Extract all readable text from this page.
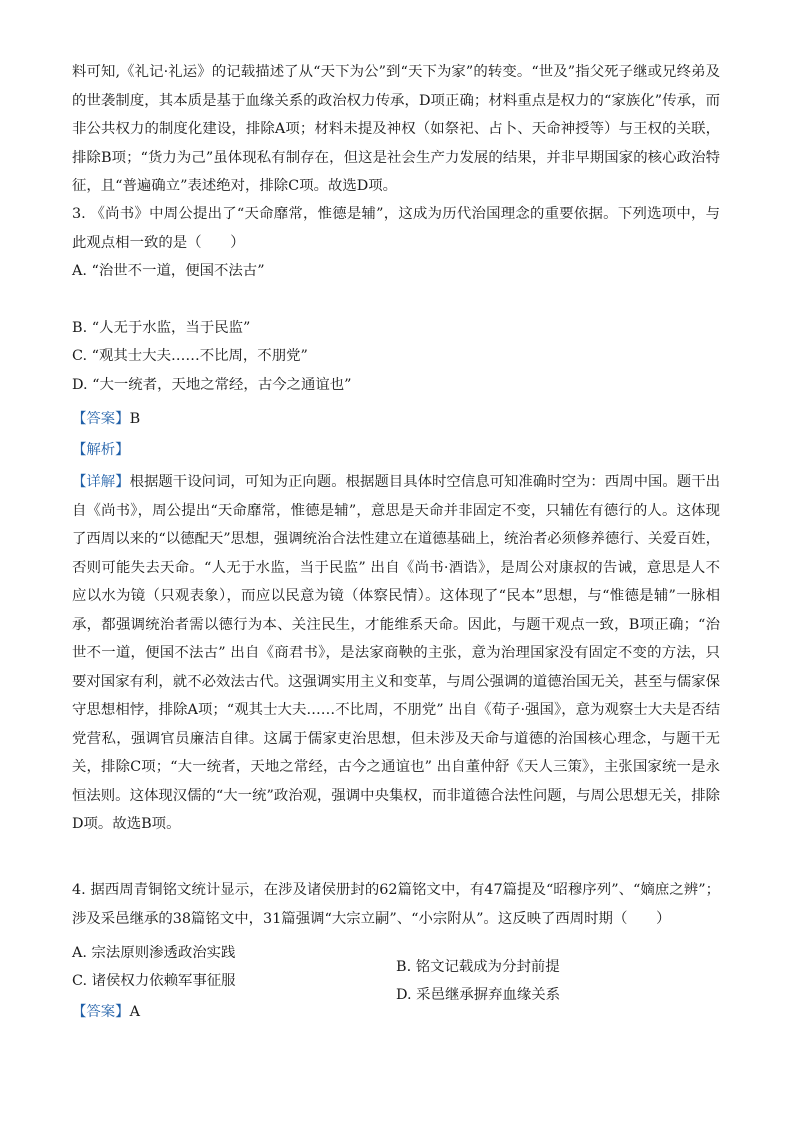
料可知,《礼记·礼运》的记载描述了从“天下为公”到“天下为家”的转变。“世及”指父死子继或兄终弟及的世袭制度，其本质是基于血缘关系的政治权力传承，D项正确；材料重点是权力的“家族化”传承，而非公共权力的制度化建设，排除A项；材料未提及神权（如祭祀、占卜、天命神授等）与王权的关联，排除B项；“货力为己”虽体现私有制存在，但这是社会生产力发展的结果，并非早期国家的核心政治特征，且“普遍确立”表述绝对，排除C项。故选D项。

3. 《尚书》中周公提出了“天命靡常，惟德是辅”，这成为历代治国理念的重要依据。下列选项中，与此观点相一致的是（　　）

A. “治世不一道，便国不法古”

B. “人无于水监，当于民监”

C. “观其士大夫……不比周，不朋党”

D. “大一统者，天地之常经，古今之通谊也”

【答案】B

【解析】

【详解】根据题干设问词，可知为正向题。根据题目具体时空信息可知准确时空为：西周中国。题干出自《尚书》，周公提出“天命靡常，惟德是辅”，意思是天命并非固定不变，只辅佐有德行的人。这体现了西周以来的“以德配天”思想，强调统治合法性建立在道德基础上，统治者必须修养德行、关爱百姓，否则可能失去天命。“人无于水监，当于民监” 出自《尚书·酒诰》，是周公对康叔的告诫，意思是人不应以水为镜（只观表象），而应以民意为镜（体察民情）。这体现了“民本”思想，与“惟德是辅”一脉相承，都强调统治者需以德行为本、关注民生，才能维系天命。因此，与题干观点一致，B项正确；“治世不一道，便国不法古” 出自《商君书》，是法家商鞅的主张，意为治理国家没有固定不变的方法，只要对国家有利，就不必效法古代。这强调实用主义和变革，与周公强调的道德治国无关，甚至与儒家保守思想相悖，排除A项；“观其士大夫……不比周，不朋党” 出自《荀子·强国》，意为观察士大夫是否结党营私，强调官员廉洁自律。这属于儒家吏治思想，但未涉及天命与道德的治国核心理念，与题干无关，排除C项；“大一统者，天地之常经，古今之通谊也” 出自董仲舒《天人三策》，主张国家统一是永恒法则。这体现汉儒的“大一统”政治观，强调中央集权，而非道德合法性问题，与周公思想无关，排除D项。故选B项。

4. 据西周青铜铭文统计显示，在涉及诸侯册封的62篇铭文中，有47篇提及“昭穆序列”、“嫡庶之辨”；涉及采邑继承的38篇铭文中，31篇强调“大宗立嗣”、“小宗附从”。这反映了西周时期（　　）

A. 宗法原则渗透政治实践

B. 铭文记载成为分封前提

C. 诸侯权力依赖军事征服

D. 采邑继承摒弃血缘关系

【答案】A
